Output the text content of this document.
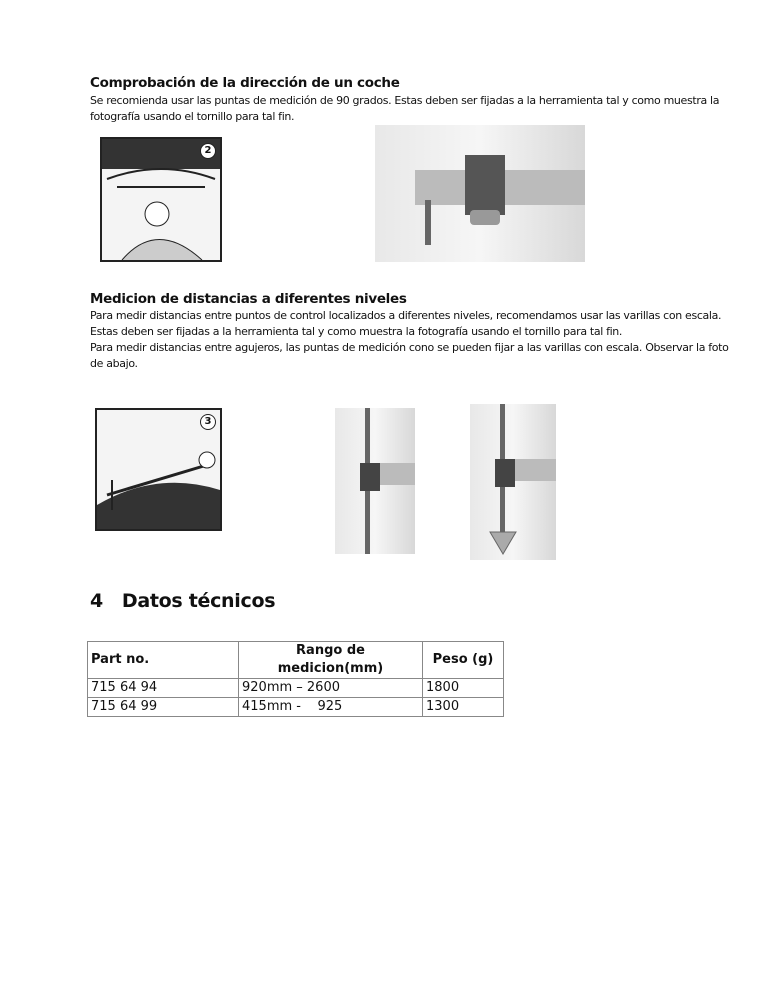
Comprobación de la dirección de un coche
Se recomienda usar las puntas de medición de 90 grados. Estas deben ser fijadas a la herramienta tal y como muestra la fotografía usando el tornillo para tal fin.
2
Medicion de distancias a diferentes niveles
Para medir distancias entre puntos de control localizados a diferentes niveles, recomendamos usar las varillas con escala. Estas deben ser fijadas a la herramienta tal y como muestra la fotografía usando el tornillo para tal fin.
Para medir distancias entre agujeros, las puntas de medición cono se pueden fijar a las varillas con escala. Observar la foto de abajo.
3
4   Datos técnicos
Part no.	Rango de medicion(mm)	Peso (g)
715 64 94	920mm – 2600	1800
715 64 99	415mm -    925	1300
